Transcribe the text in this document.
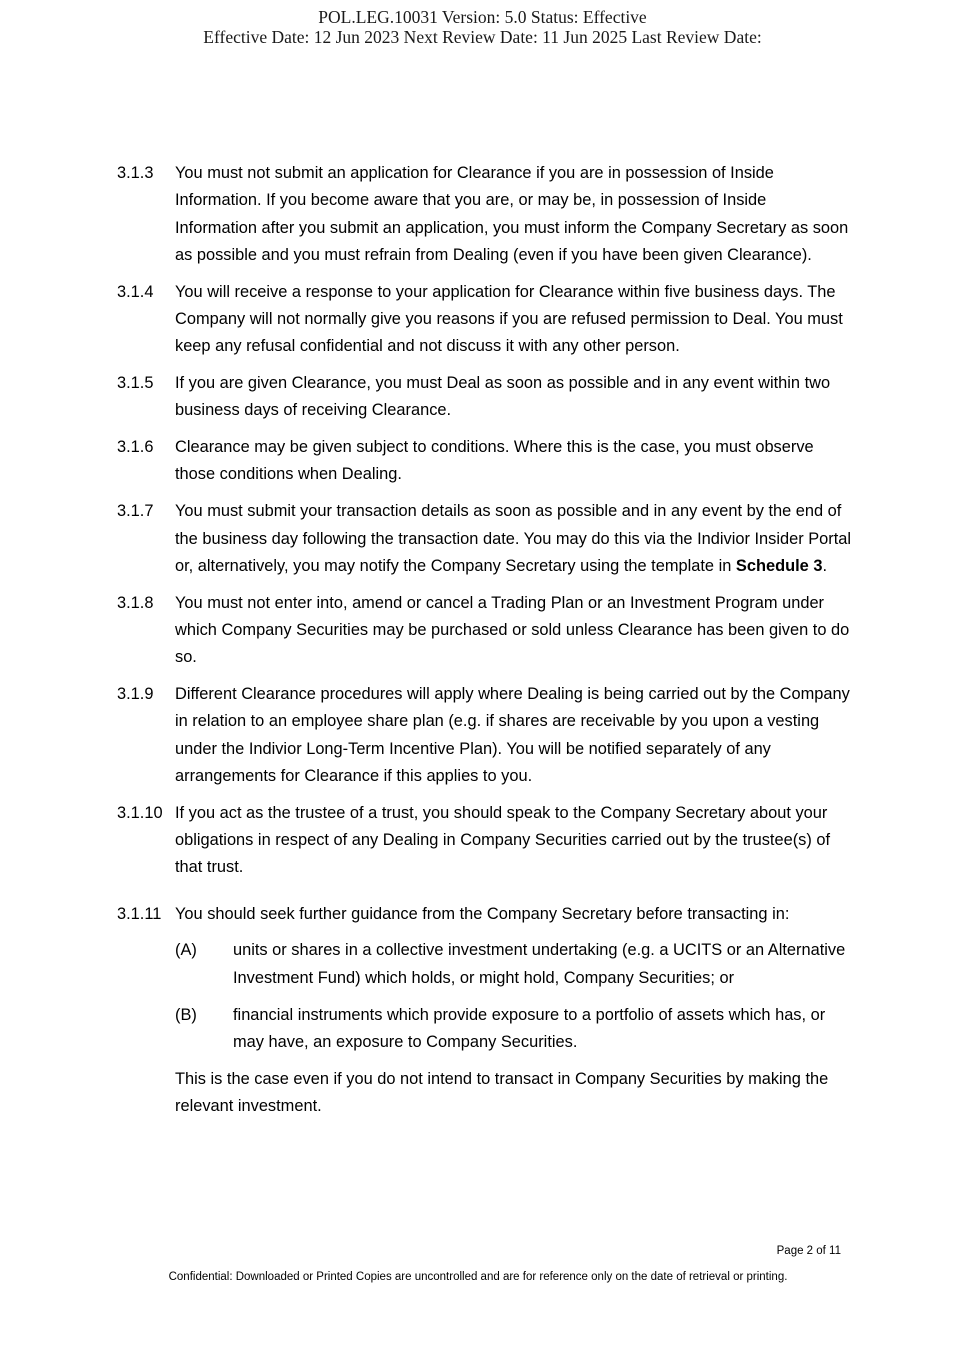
POL.LEG.10031 Version: 5.0 Status: Effective
Effective Date: 12 Jun 2023 Next Review Date: 11 Jun 2025 Last Review Date:
3.1.3	You must not submit an application for Clearance if you are in possession of Inside Information. If you become aware that you are, or may be, in possession of Inside Information after you submit an application, you must inform the Company Secretary as soon as possible and you must refrain from Dealing (even if you have been given Clearance).
3.1.4	You will receive a response to your application for Clearance within five business days. The Company will not normally give you reasons if you are refused permission to Deal. You must keep any refusal confidential and not discuss it with any other person.
3.1.5	If you are given Clearance, you must Deal as soon as possible and in any event within two business days of receiving Clearance.
3.1.6	Clearance may be given subject to conditions. Where this is the case, you must observe those conditions when Dealing.
3.1.7	You must submit your transaction details as soon as possible and in any event by the end of the business day following the transaction date. You may do this via the Indivior Insider Portal or, alternatively, you may notify the Company Secretary using the template in Schedule 3.
3.1.8	You must not enter into, amend or cancel a Trading Plan or an Investment Program under which Company Securities may be purchased or sold unless Clearance has been given to do so.
3.1.9	Different Clearance procedures will apply where Dealing is being carried out by the Company in relation to an employee share plan (e.g. if shares are receivable by you upon a vesting under the Indivior Long-Term Incentive Plan). You will be notified separately of any arrangements for Clearance if this applies to you.
3.1.10 If you act as the trustee of a trust, you should speak to the Company Secretary about your obligations in respect of any Dealing in Company Securities carried out by the trustee(s) of that trust.
3.1.11 You should seek further guidance from the Company Secretary before transacting in:
(A)	units or shares in a collective investment undertaking (e.g. a UCITS or an Alternative Investment Fund) which holds, or might hold, Company Securities; or
(B)	financial instruments which provide exposure to a portfolio of assets which has, or may have, an exposure to Company Securities.
This is the case even if you do not intend to transact in Company Securities by making the relevant investment.
Page 2 of 11
Confidential: Downloaded or Printed Copies are uncontrolled and are for reference only on the date of retrieval or printing.
